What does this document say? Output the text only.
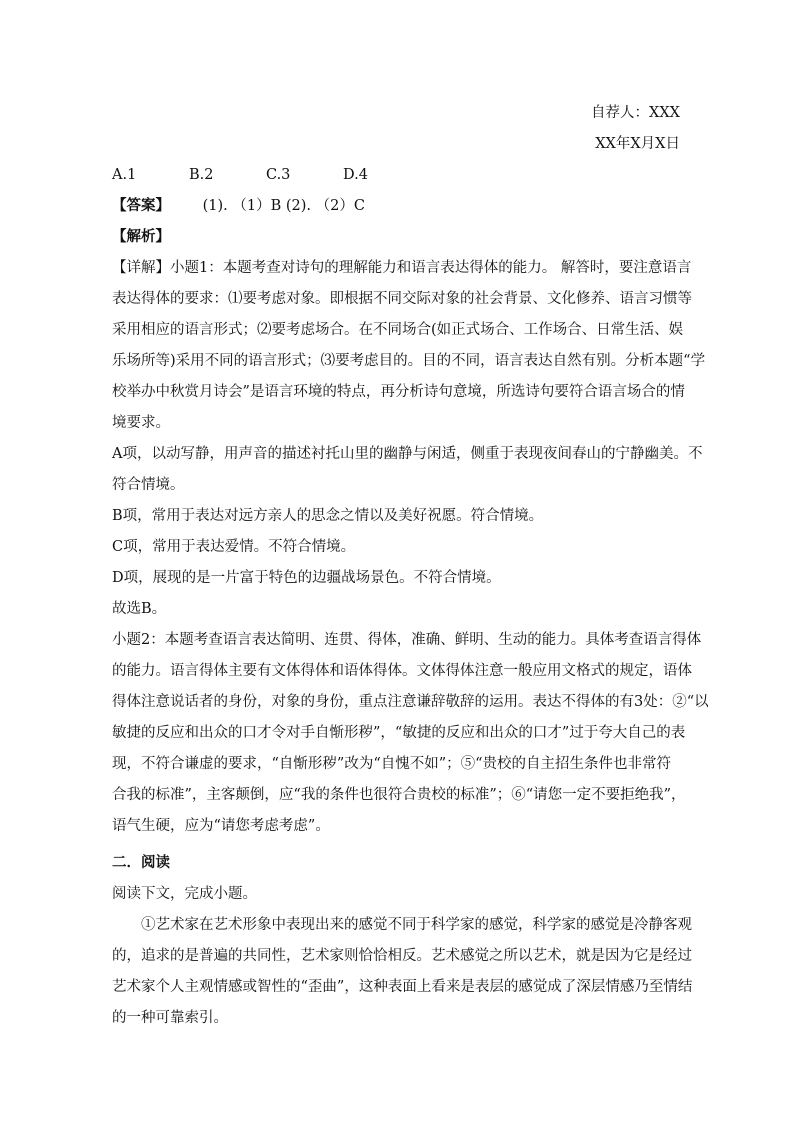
自荐人：XXX
XX年X月X日
A.1	B.2	C.3	D.4
【答案】 (1). （1）B (2). （2）C
【解析】
【详解】小题1：本题考查对诗句的理解能力和语言表达得体的能力。 解答时，要注意语言
表达得体的要求：⑴要考虑对象。即根据不同交际对象的社会背景、文化修养、语言习惯等
采用相应的语言形式；⑵要考虑场合。在不同场合(如正式场合、工作场合、日常生活、娱
乐场所等)采用不同的语言形式；⑶要考虑目的。目的不同，语言表达自然有别。分析本题“学
校举办中秋赏月诗会”是语言环境的特点，再分析诗句意境，所选诗句要符合语言场合的情
境要求。
A项，以动写静，用声音的描述衬托山里的幽静与闲适，侧重于表现夜间春山的宁静幽美。不
符合情境。
B项，常用于表达对远方亲人的思念之情以及美好祝愿。符合情境。
C项，常用于表达爱情。不符合情境。
D项，展现的是一片富于特色的边疆战场景色。不符合情境。
故选B。
小题2：本题考查语言表达简明、连贯、得体，准确、鲜明、生动的能力。具体考查语言得体
的能力。语言得体主要有文体得体和语体得体。文体得体注意一般应用文格式的规定，语体
得体注意说话者的身份，对象的身份，重点注意谦辞敬辞的运用。表达不得体的有3处：②“以
敏捷的反应和出众的口才令对手自惭形秽”，“敏捷的反应和出众的口才”过于夸大自己的表
现，不符合谦虚的要求，“自惭形秽”改为“自愧不如”；⑤“贵校的自主招生条件也非常符
合我的标准”，主客颠倒，应“我的条件也很符合贵校的标准”；⑥“请您一定不要拒绝我”，
语气生硬，应为“请您考虑考虑”。
二．阅读
阅读下文，完成小题。
①艺术家在艺术形象中表现出来的感觉不同于科学家的感觉，科学家的感觉是冷静客观
的，追求的是普遍的共同性，艺术家则恰恰相反。艺术感觉之所以艺术，就是因为它是经过
艺术家个人主观情感或智性的“歪曲”，这种表面上看来是表层的感觉成了深层情感乃至情结
的一种可靠索引。
